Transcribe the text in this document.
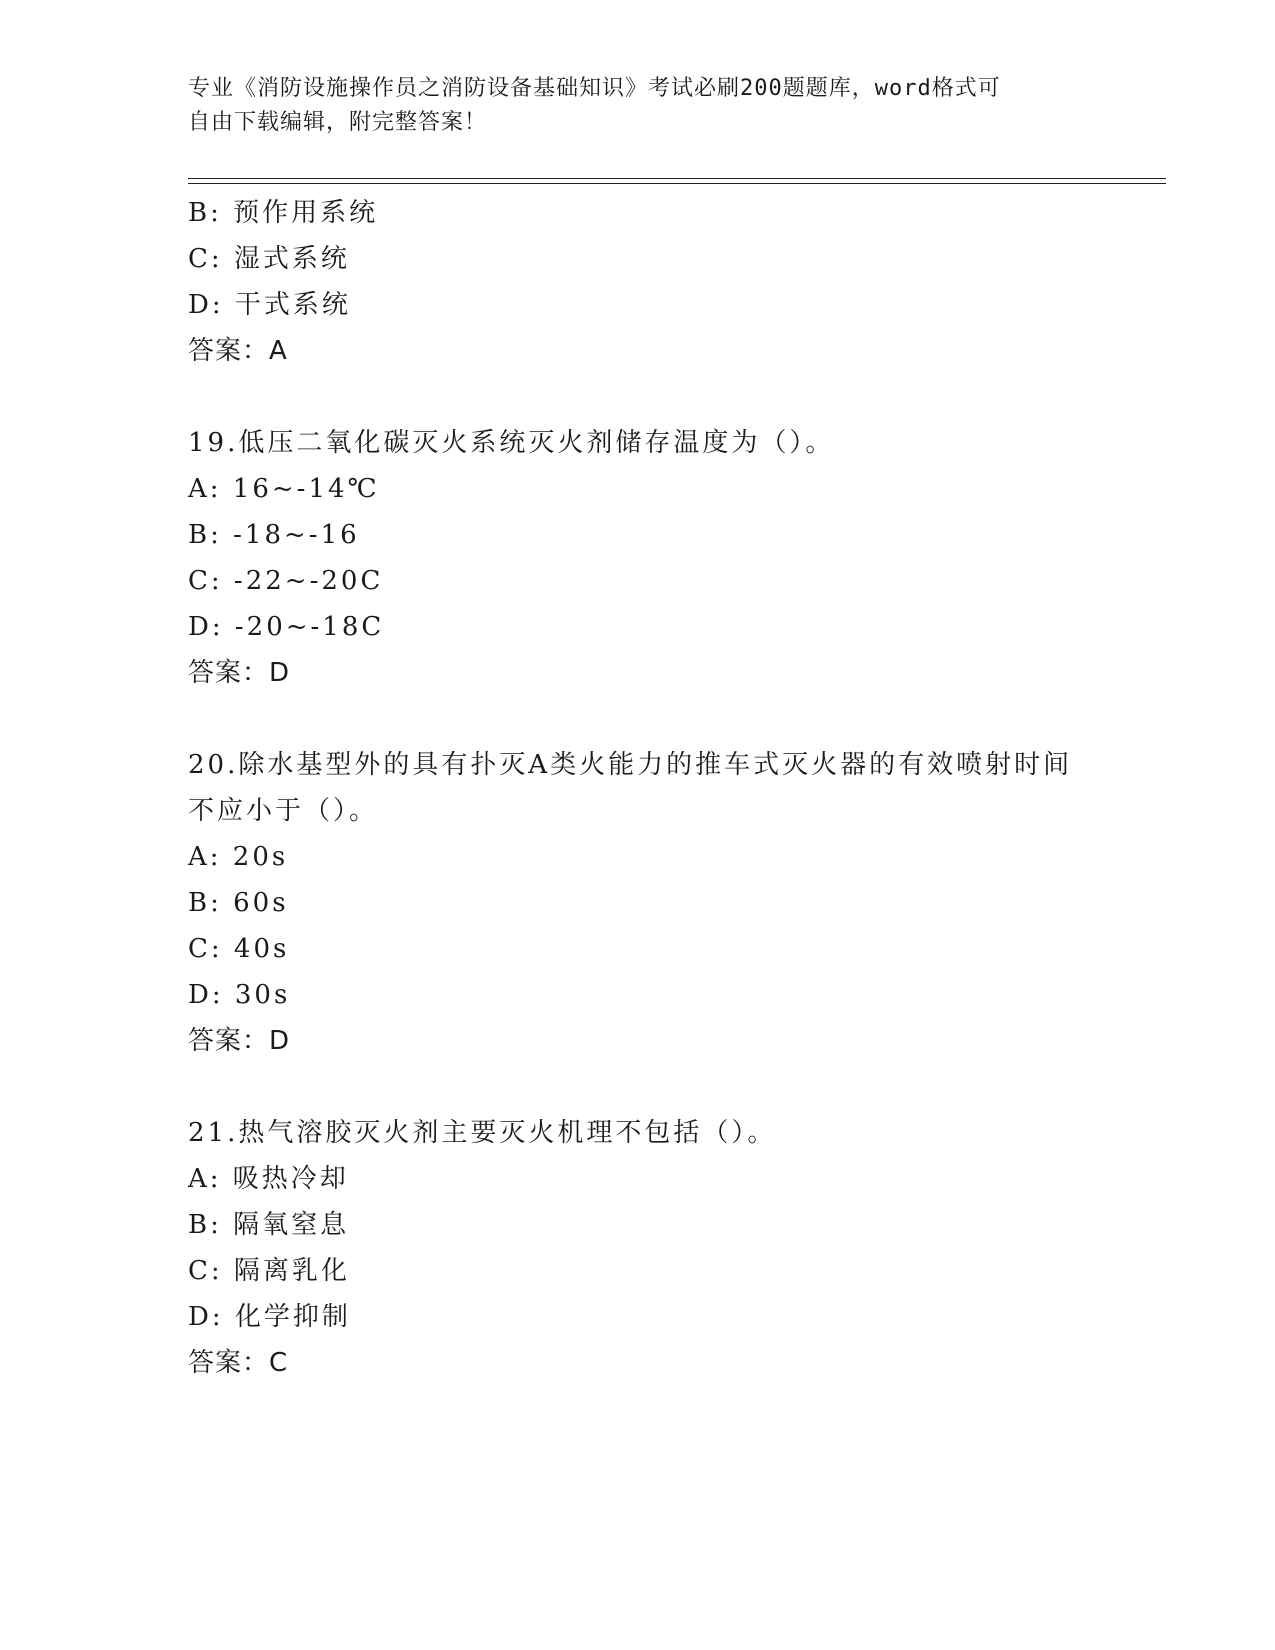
专业《消防设施操作员之消防设备基础知识》考试必刷200题题库，word格式可
自由下载编辑，附完整答案！
B: 预作用系统
C: 湿式系统
D: 干式系统
答案：A
19.低压二氧化碳灭火系统灭火剂储存温度为（）。
A: 16~-14℃
B: -18~-16
C: -22~-20C
D: -20~-18C
答案：D
20.除水基型外的具有扑灭A类火能力的推车式灭火器的有效喷射时间
不应小于（）。
A: 20s
B: 60s
C: 40s
D: 30s
答案：D
21.热气溶胶灭火剂主要灭火机理不包括（）。
A: 吸热冷却
B: 隔氧窒息
C: 隔离乳化
D: 化学抑制
答案：C
